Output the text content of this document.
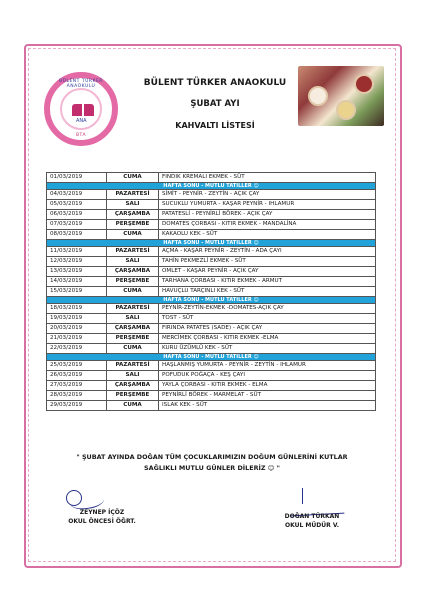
BÜLENT TÜRKER ANAOKULU
ANA
BTA
BÜLENT TÜRKER ANAOKULU
ŞUBAT AYI
KAHVALTI LİSTESİ
01/03/2019	CUMA	FINDIK KREMALI EKMEK - SÜT
HAFTA SONU - MUTLU TATİLLER ☺		
04/03/2019	PAZARTESİ	SİMİT - PEYNİR - ZEYTİN - AÇIK ÇAY
05/03/2019	SALI	SUCUKLU YUMURTA - KAŞAR PEYNİR - IHLAMUR
06/03/2019	ÇARŞAMBA	PATATESLİ - PEYNİRLİ BÖREK - AÇIK ÇAY
07/03/2019	PERŞEMBE	DOMATES ÇORBASI - KITIR EKMEK - MANDALİNA
08/03/2019	CUMA	KAKAOLU KEK - SÜT
HAFTA SONU - MUTLU TATİLLER ☺		
11/03/2019	PAZARTESİ	AÇMA - KAŞAR PEYNİR - ZEYTİN - ADA ÇAYI
12/03/2019	SALI	TAHİN PEKMEZLİ EKMEK - SÜT
13/03/2019	ÇARŞAMBA	OMLET - KAŞAR PEYNİR - AÇIK ÇAY
14/03/2019	PERŞEMBE	TARHANA ÇORBASI - KITIR EKMEK - ARMUT
15/03/2019	CUMA	HAVUÇLU TARÇINLI KEK - SÜT
HAFTA SONU - MUTLU TATİLLER ☺		
18/03/2019	PAZARTESİ	PEYNİR-ZEYTİN-EKMEK -DOMATES-AÇIK ÇAY
19/03/2019	SALI	TOST - SÜT
20/03/2019	ÇARŞAMBA	FIRINDA PATATES (SADE) - AÇIK ÇAY
21/03/2019	PERŞEMBE	MERCİMEK ÇORBASI - KITIR EKMEK -ELMA
22/03/2019	CUMA	KURU ÜZÜMLÜ KEK - SÜT
HAFTA SONU - MUTLU TATİLLER ☺		
25/03/2019	PAZARTESİ	HAŞLANMIŞ YUMURTA - PEYNİR - ZEYTİN - IHLAMUR
26/03/2019	SALI	POFUDUK POĞAÇA - KEŞ ÇAYI
27/03/2019	ÇARŞAMBA	YAYLA ÇORBASI - KITIR EKMEK - ELMA
28/03/2019	PERŞEMBE	PEYNİRLİ BÖREK - MARMELAT - SÜT
29/03/2019	CUMA	ISLAK KEK - SÜT
" ŞUBAT AYINDA DOĞAN TÜM ÇOCUKLARIMIZIN DOĞUM GÜNLERİNİ KUTLAR
SAĞLIKLI MUTLU GÜNLER DİLERİZ ☺ "
ZEYNEP İÇÖZ
OKUL ÖNCESİ ÖĞRT.
DOĞAN TÜRKAN
OKUL MÜDÜR V.
